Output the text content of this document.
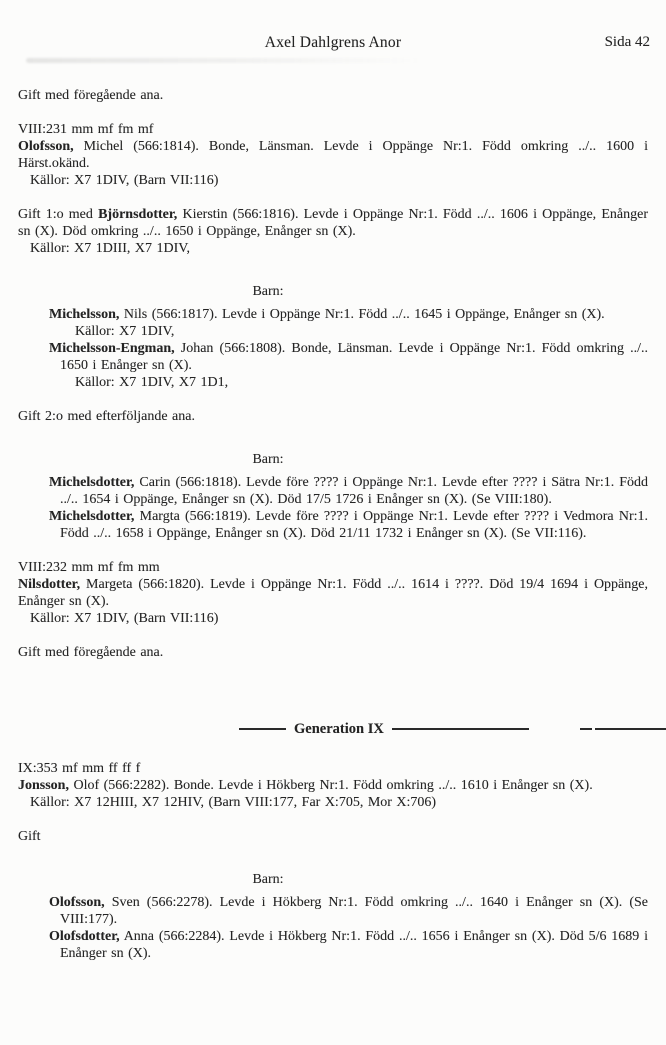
Axel Dahlgrens Anor	Sida 42

Gift med föregående ana.

VIII:231 mm mf fm mf

Olofsson, Michel (566:1814). Bonde, Länsman. Levde i Oppänge Nr:1. Född omkring ../.. 1600 i Härst.okänd.

Källor: X7 1DIV, (Barn VII:116)

Gift 1:o med Björnsdotter, Kierstin (566:1816). Levde i Oppänge Nr:1. Född ../.. 1606 i Oppänge, Enånger sn (X). Död omkring ../.. 1650 i Oppänge, Enånger sn (X).

Källor: X7 1DIII, X7 1DIV,

Barn:

Michelsson, Nils (566:1817). Levde i Oppänge Nr:1. Född ../.. 1645 i Oppänge, Enånger sn (X).

Källor: X7 1DIV,

Michelsson-Engman, Johan (566:1808). Bonde, Länsman. Levde i Oppänge Nr:1. Född omkring ../.. 1650 i Enånger sn (X).

Källor: X7 1DIV, X7 1D1,

Gift 2:o med efterföljande ana.

Barn:

Michelsdotter, Carin (566:1818). Levde före ???? i Oppänge Nr:1. Levde efter ???? i Sätra Nr:1. Född ../.. 1654 i Oppänge, Enånger sn (X). Död 17/5 1726 i Enånger sn (X). (Se VIII:180).

Michelsdotter, Margta (566:1819). Levde före ???? i Oppänge Nr:1. Levde efter ???? i Vedmora Nr:1. Född ../.. 1658 i Oppänge, Enånger sn (X). Död 21/11 1732 i Enånger sn (X). (Se VII:116).

VIII:232 mm mf fm mm

Nilsdotter, Margeta (566:1820). Levde i Oppänge Nr:1. Född ../.. 1614 i ????. Död 19/4 1694 i Oppänge, Enånger sn (X).

Källor: X7 1DIV, (Barn VII:116)

Gift med föregående ana.

Generation IX

IX:353 mf mm ff ff f

Jonsson, Olof (566:2282). Bonde. Levde i Hökberg Nr:1. Född omkring ../.. 1610 i Enånger sn (X).

Källor: X7 12HIII, X7 12HIV, (Barn VIII:177, Far X:705, Mor X:706)

Gift

Barn:

Olofsson, Sven (566:2278). Levde i Hökberg Nr:1. Född omkring ../.. 1640 i Enånger sn (X). (Se VIII:177).

Olofsdotter, Anna (566:2284). Levde i Hökberg Nr:1. Född ../.. 1656 i Enånger sn (X). Död 5/6 1689 i Enånger sn (X).
